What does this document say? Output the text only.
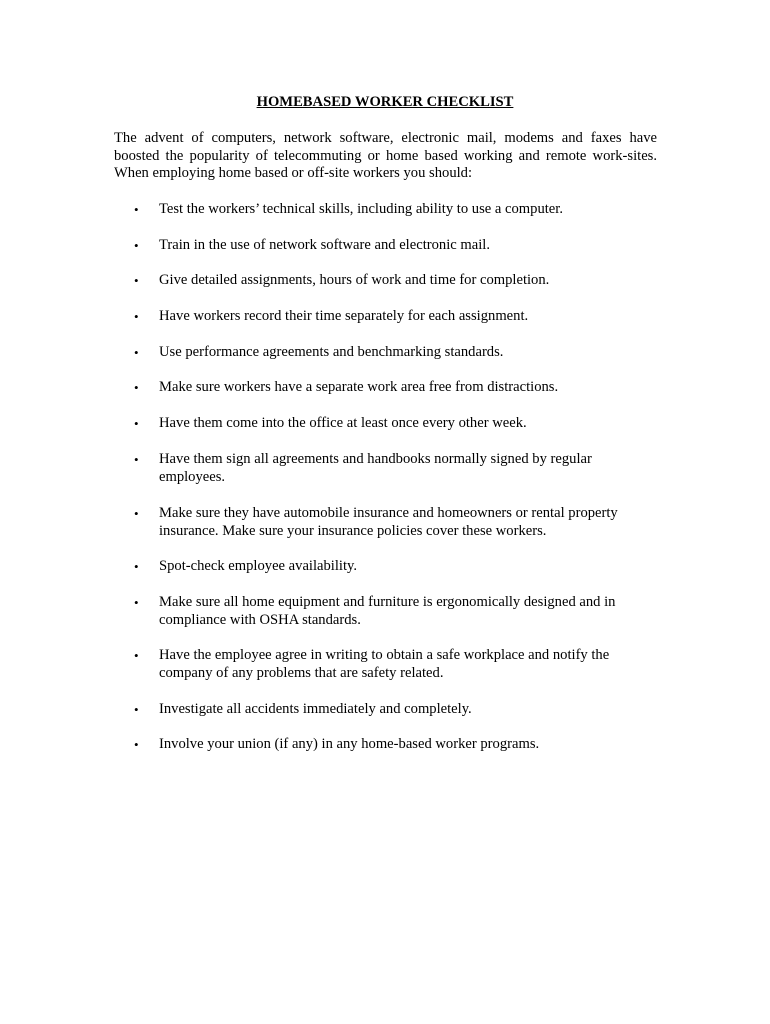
HOMEBASED WORKER CHECKLIST

The advent of computers, network software, electronic mail, modems and faxes have boosted the popularity of telecommuting or home based working and remote work-sites. When employing home based or off-site workers you should:

•	Test the workers’ technical skills, including ability to use a computer.
•	Train in the use of network software and electronic mail.
•	Give detailed assignments, hours of work and time for completion.
•	Have workers record their time separately for each assignment.
•	Use performance agreements and benchmarking standards.
•	Make sure workers have a separate work area free from distractions.
•	Have them come into the office at least once every other week.
•	Have them sign all agreements and handbooks normally signed by regular
employees.
•	Make sure they have automobile insurance and homeowners or rental property
insurance. Make sure your insurance policies cover these workers.
•	Spot-check employee availability.
•	Make sure all home equipment and furniture is ergonomically designed and in
compliance with OSHA standards.
•	Have the employee agree in writing to obtain a safe workplace and notify the
company of any problems that are safety related.
•	Investigate all accidents immediately and completely.
•	Involve your union (if any) in any home-based worker programs.
